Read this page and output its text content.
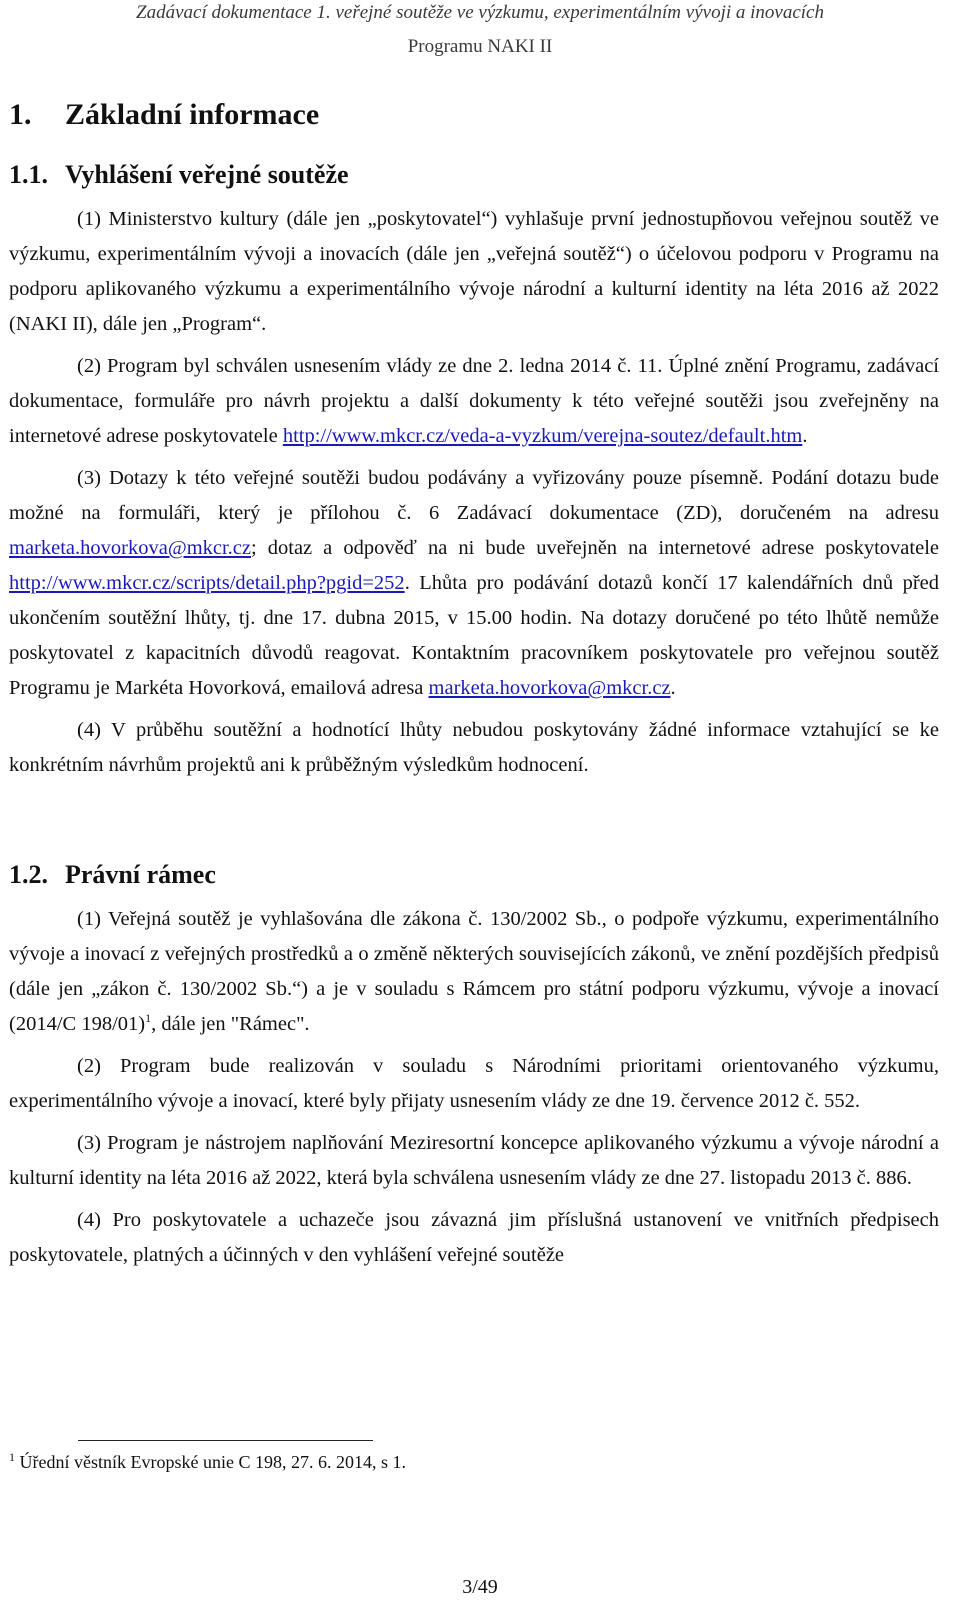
Zadávací dokumentace 1. veřejné soutěže ve výzkumu, experimentálním vývoji a inovacích
Programu NAKI II
1. Základní informace
1.1. Vyhlášení veřejné soutěže

(1) Ministerstvo kultury (dále jen „poskytovatel“) vyhlašuje první jednostupňovou veřejnou soutěž ve výzkumu, experimentálním vývoji a inovacích (dále jen „veřejná soutěž“) o účelovou podporu v Programu na podporu aplikovaného výzkumu a experimentálního vývoje národní a kulturní identity na léta 2016 až 2022 (NAKI II), dále jen „Program“.

(2) Program byl schválen usnesením vlády ze dne 2. ledna 2014 č. 11. Úplné znění Programu, zadávací dokumentace, formuláře pro návrh projektu a další dokumenty k této veřejné soutěži jsou zveřejněny na internetové adrese poskytovatele http://www.mkcr.cz/veda-a-vyzkum/verejna-soutez/default.htm.

(3) Dotazy k této veřejné soutěži budou podávány a vyřizovány pouze písemně. Podání dotazu bude možné na formuláři, který je přílohou č. 6 Zadávací dokumentace (ZD), doručeném na adresu marketa.hovorkova@mkcr.cz; dotaz a odpověď na ni bude uveřejněn na internetové adrese poskytovatele http://www.mkcr.cz/scripts/detail.php?pgid=252. Lhůta pro podávání dotazů končí 17 kalendářních dnů před ukončením soutěžní lhůty, tj. dne 17. dubna 2015, v 15.00 hodin. Na dotazy doručené po této lhůtě nemůže poskytovatel z kapacitních důvodů reagovat. Kontaktním pracovníkem poskytovatele pro veřejnou soutěž Programu je Markéta Hovorková, emailová adresa marketa.hovorkova@mkcr.cz.

(4) V průběhu soutěžní a hodnotící lhůty nebudou poskytovány žádné informace vztahující se ke konkrétním návrhům projektů ani k průběžným výsledkům hodnocení.

1.2. Právní rámec

(1) Veřejná soutěž je vyhlašována dle zákona č. 130/2002 Sb., o podpoře výzkumu, experimentálního vývoje a inovací z veřejných prostředků a o změně některých souvisejících zákonů, ve znění pozdějších předpisů (dále jen „zákon č. 130/2002 Sb.“) a je v souladu s Rámcem pro státní podporu výzkumu, vývoje a inovací (2014/C 198/01)$^1$, dále jen "Rámec".

(2) Program bude realizován v souladu s Národními prioritami orientovaného výzkumu, experimentálního vývoje a inovací, které byly přijaty usnesením vlády ze dne 19. července 2012 č. 552.

(3) Program je nástrojem naplňování Meziresortní koncepce aplikovaného výzkumu a vývoje národní a kulturní identity na léta 2016 až 2022, která byla schválena usnesením vlády ze dne 27. listopadu 2013 č. 886.

(4) Pro poskytovatele a uchazeče jsou závazná jim příslušná ustanovení ve vnitřních předpisech poskytovatele, platných a účinných v den vyhlášení veřejné soutěže

$^1$ Úřední věstník Evropské unie C 198, 27. 6. 2014, s 1.
3/49
